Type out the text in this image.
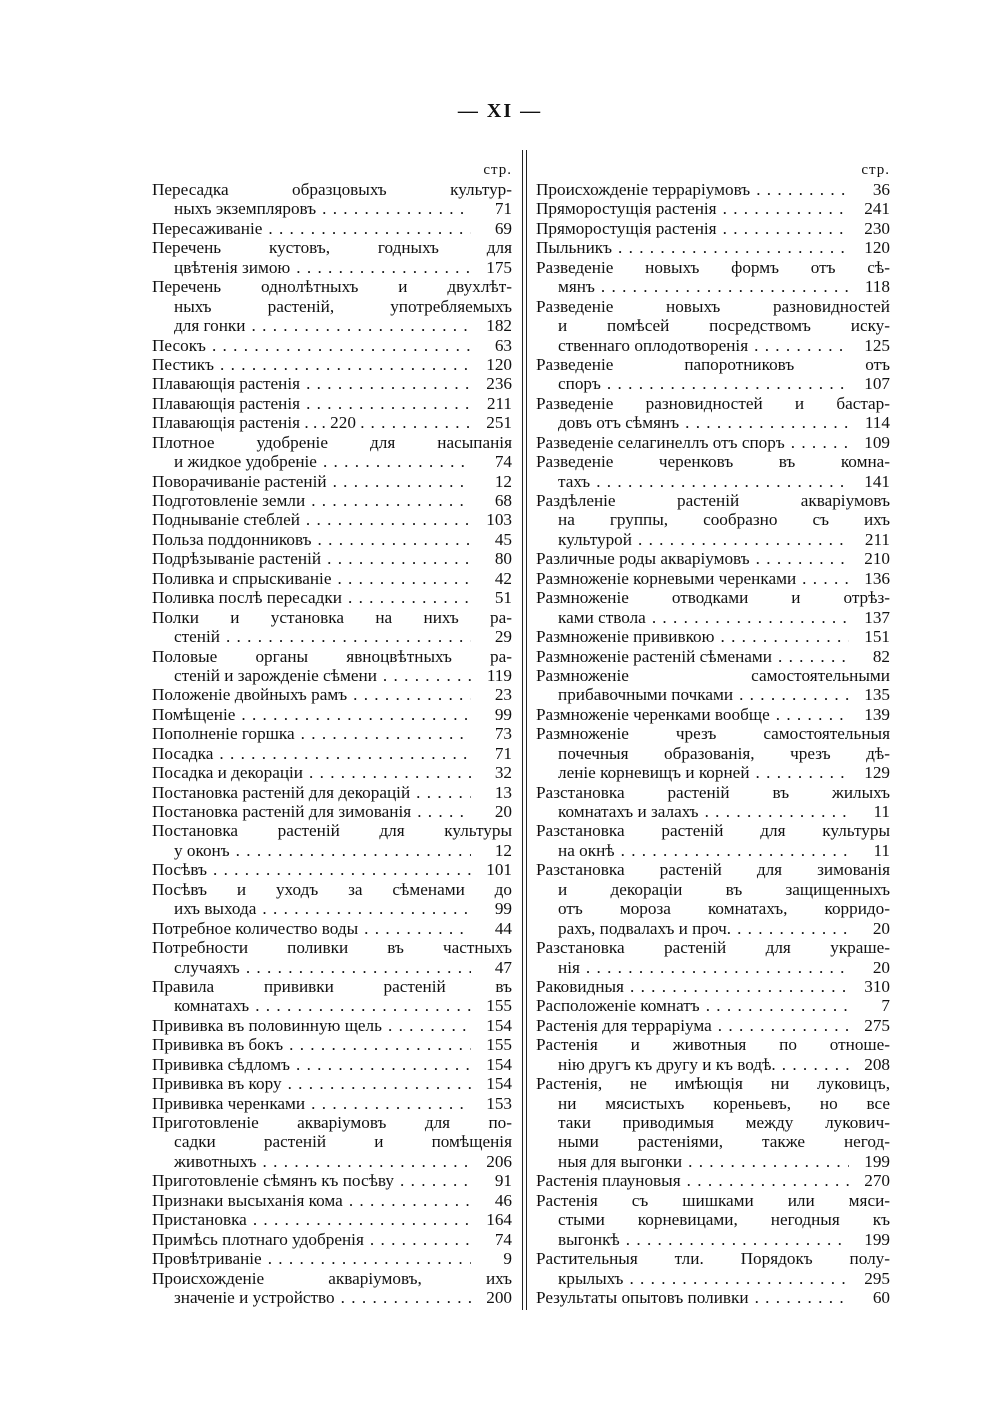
— XI —
стр.
Пересадка образцовыхъ культур-
ныхъ экземпляровъ . . .	71
Пересаживаніе . . .	69
Перечень кустовъ, годныхъ для
цвѣтенія зимою . . .	175
Перечень однолѣтныхъ и двухлѣт-
ныхъ растеній, употребляемыхъ
для гонки . . .	182
Песокъ . . .	63
Пестикъ . . .	120
Плавающія растенія . . .	236
Плавающія растенія . . .	211
Плавающія растенія . . . 220 . . . .	251
Плотное удобреніе для насыпанія
и жидкое удобреніе . . .	74
Поворачиваніе растеній . . .	12
Подготовленіе земли . . .	68
Поднываніе стеблей . . .	103
Польза поддонниковъ . . .	45
Подрѣзываніе растеній . . .	80
Поливка и спрыскиваніе . . .	42
Поливка послѣ пересадки . . .	51
Полки и установка на нихъ ра-
стеній . . .	29
Половые органы явноцвѣтныхъ ра-
стеній и зарожденіе сѣмени . . .	119
Положеніе двойныхъ рамъ . . .	23
Помѣщеніе . . .	99
Пополненіе горшка . . .	73
Посадка . . .	71
Посадка и декораціи . . .	32
Постановка растеній для декорацій . . .	13
Постановка растеній для зимованія . . .	20
Постановка растеній для культуры
у оконъ . . .	12
Посѣвъ . . .	101
Посѣвъ и уходъ за сѣменами до
ихъ выхода . . .	99
Потребное количество воды . . .	44
Потребности поливки въ частныхъ
случаяхъ . . .	47
Правила прививки растеній въ
комнатахъ . . .	155
Прививка въ половинную щель . . .	154
Прививка въ бокъ . . .	155
Прививка сѣдломъ . . .	154
Прививка въ кору . . .	154
Прививка черенками . . .	153
Приготовленіе акваріумовъ для по-
садки растеній и помѣщенія
животныхъ . . .	206
Приготовленіе сѣмянъ къ посѣву . . .	91
Признаки высыханія кома . . .	46
Пристановка . . .	164
Примѣсь плотнаго удобренія . . .	74
Провѣтриваніе . . .	9
Происхожденіе акваріумовъ, ихъ
значеніе и устройство . . .	200
стр.
Происхожденіе террарiумовъ . . .	36
Пряморостущія растенія . . .	241
Пряморостущія растенія . . .	230
Пыльникъ . . .	120
Разведеніе новыхъ формъ отъ сѣ-
мянъ . . .	118
Разведеніе новыхъ разновидностей
и помѣсей посредствомъ иску-
ственнаго оплодотворенія . . .	125
Разведеніе папоротниковъ отъ
споръ . . .	107
Разведеніе разновидностей и бастар-
довъ отъ сѣмянъ . . .	114
Разведеніе селагинеллъ отъ споръ . . .	109
Разведеніе черенковъ въ комна-
тахъ . . .	141
Раздѣленіе растеній акваріумовъ
на группы, сообразно съ ихъ
культурой . . .	211
Различные роды акваріумовъ . . .	210
Размноженіе корневыми черенками . . .	136
Размноженіе отводками и отрѣз-
ками ствола . . .	137
Размноженіе прививкою . . .	151
Размноженіе растеній сѣменами . . .	82
Размноженіе самостоятельными
прибавочными почками . . .	135
Размноженіе черенками вообще . . .	139
Размноженіе чрезъ самостоятельныя
почечныя образованія, чрезъ дѣ-
леніе корневищъ и корней . . .	129
Разстановка растеній въ жилыхъ
комнатахъ и залахъ . . .	11
Разстановка растеній для культуры
на окнѣ . . .	11
Разстановка растеній для зимованія
и декораціи въ защищенныхъ
отъ мороза комнатахъ, корридо-
рахъ, подвалахъ и проч. . . .	20
Разстановка растеній для украше-
нія . . .	20
Раковидныя . . .	310
Расположеніе комнатъ . . .	7
Растенія для террарiума . . .	275
Растенія и животныя по отноше-
нію другъ къ другу и къ водѣ. . . .	208
Растенія, не имѣющія ни луковицъ,
ни мясистыхъ кореньевъ, но все
таки приводимыя между лукович-
ными растеніями, также негод-
ныя для выгонки . . .	199
Растенія плауновыя . . .	270
Растенія съ шишками или мяси-
стыми корневицами, негодныя къ
выгонкѣ . . .	199
Растительныя тли. Порядокъ полу-
крылыхъ . . .	295
Результаты опытовъ поливки . . .	60
